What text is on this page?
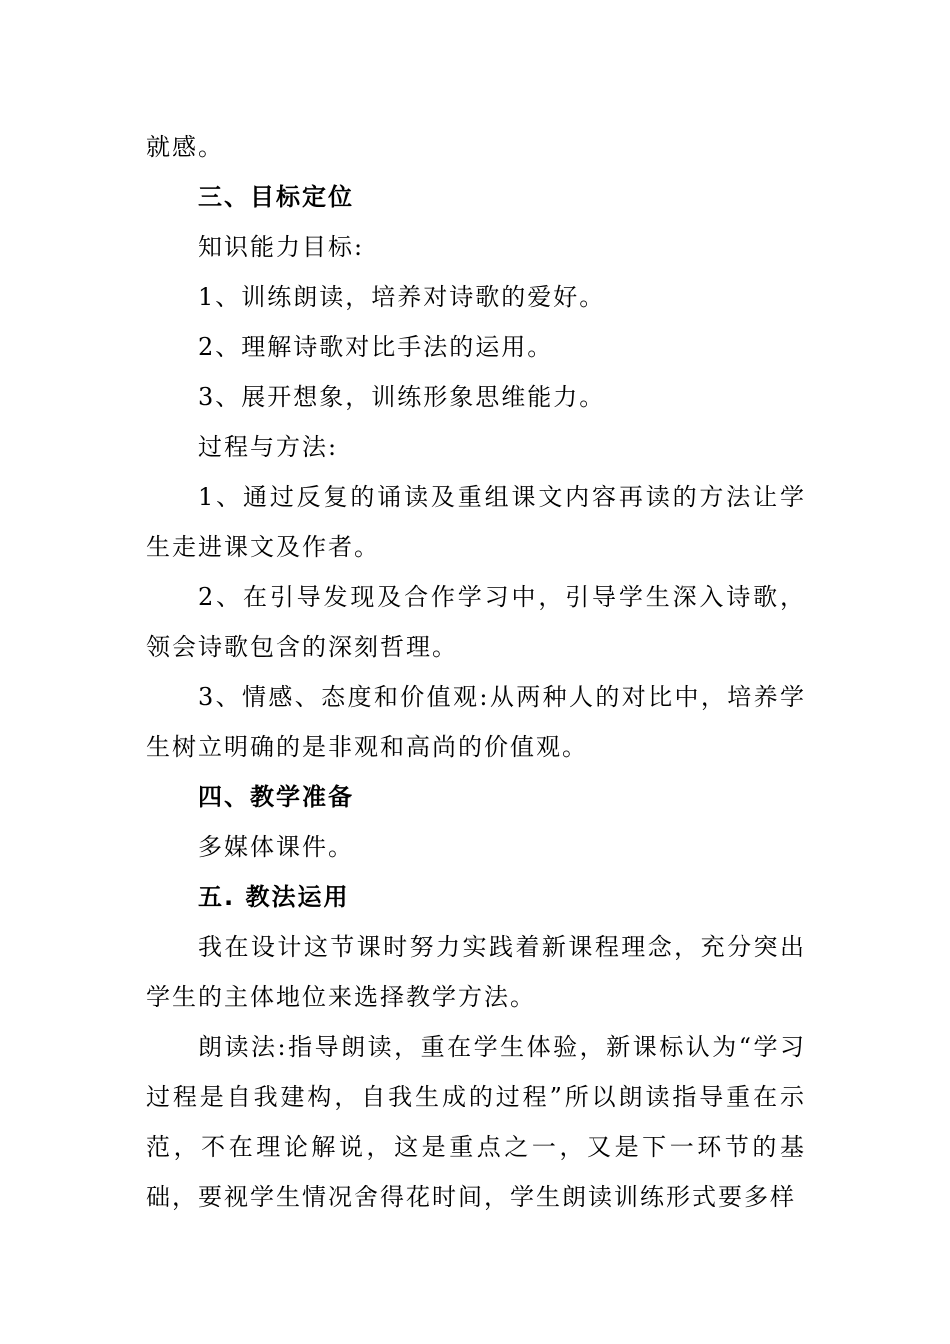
就感。

三、目标定位

知识能力目标:

1、训练朗读，培养对诗歌的爱好。

2、理解诗歌对比手法的运用。

3、展开想象，训练形象思维能力。

过程与方法:

1、通过反复的诵读及重组课文内容再读的方法让学生走进课文及作者。

2、在引导发现及合作学习中，引导学生深入诗歌，领会诗歌包含的深刻哲理。

3、情感、态度和价值观:从两种人的对比中，培养学生树立明确的是非观和高尚的价值观。

四、教学准备

多媒体课件。

五. 教法运用

我在设计这节课时努力实践着新课程理念，充分突出学生的主体地位来选择教学方法。

朗读法:指导朗读，重在学生体验，新课标认为“学习过程是自我建构，自我生成的过程”所以朗读指导重在示范，不在理论解说，这是重点之一，又是下一环节的基础，要视学生情况舍得花时间，学生朗读训练形式要多样
